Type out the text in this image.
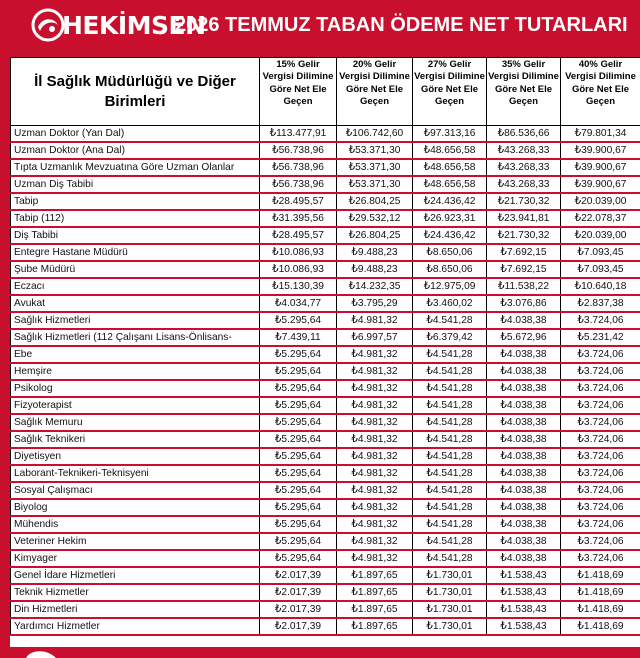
HEKİMSEN
2026 TEMMUZ TABAN ÖDEME NET TUTARLARI
İl Sağlık Müdürlüğü ve Diğer Birimleri	15% Gelir Vergisi Dilimine Göre Net Ele Geçen	20% Gelir Vergisi Dilimine Göre Net Ele Geçen	27% Gelir Vergisi Dilimine Göre Net Ele Geçen	35% Gelir Vergisi Dilimine Göre Net Ele Geçen	40% Gelir Vergisi Dilimine Göre Net Ele Geçen
Uzman Doktor (Yan Dal)	₺113.477,91	₺106.742,60	₺97.313,16	₺86.536,66	₺79.801,34
Uzman Doktor (Ana Dal)	₺56.738,96	₺53.371,30	₺48.656,58	₺43.268,33	₺39.900,67
Tıpta Uzmanlık Mevzuatına Göre Uzman Olanlar	₺56.738,96	₺53.371,30	₺48.656,58	₺43.268,33	₺39.900,67
Uzman Diş Tabibi	₺56.738,96	₺53.371,30	₺48.656,58	₺43.268,33	₺39.900,67
Tabip	₺28.495,57	₺26.804,25	₺24.436,42	₺21.730,32	₺20.039,00
Tabip (112)	₺31.395,56	₺29.532,12	₺26.923,31	₺23.941,81	₺22.078,37
Diş Tabibi	₺28.495,57	₺26.804,25	₺24.436,42	₺21.730,32	₺20.039,00
Entegre Hastane Müdürü	₺10.086,93	₺9.488,23	₺8.650,06	₺7.692,15	₺7.093,45
Şube Müdürü	₺10.086,93	₺9.488,23	₺8.650,06	₺7.692,15	₺7.093,45
Eczacı	₺15.130,39	₺14.232,35	₺12.975,09	₺11.538,22	₺10.640,18
Avukat	₺4.034,77	₺3.795,29	₺3.460,02	₺3.076,86	₺2.837,38
Sağlık Hizmetleri	₺5.295,64	₺4.981,32	₺4.541,28	₺4.038,38	₺3.724,06
Sağlık Hizmetleri (112 Çalışanı Lisans-Önlisans-	₺7.439,11	₺6.997,57	₺6.379,42	₺5.672,96	₺5.231,42
Ebe	₺5.295,64	₺4.981,32	₺4.541,28	₺4.038,38	₺3.724,06
Hemşire	₺5.295,64	₺4.981,32	₺4.541,28	₺4.038,38	₺3.724,06
Psikolog	₺5.295,64	₺4.981,32	₺4.541,28	₺4.038,38	₺3.724,06
Fizyoterapist	₺5.295,64	₺4.981,32	₺4.541,28	₺4.038,38	₺3.724,06
Sağlık Memuru	₺5.295,64	₺4.981,32	₺4.541,28	₺4.038,38	₺3.724,06
Sağlık Teknikeri	₺5.295,64	₺4.981,32	₺4.541,28	₺4.038,38	₺3.724,06
Diyetisyen	₺5.295,64	₺4.981,32	₺4.541,28	₺4.038,38	₺3.724,06
Laborant-Teknikeri-Teknisyeni	₺5.295,64	₺4.981,32	₺4.541,28	₺4.038,38	₺3.724,06
Sosyal Çalışmacı	₺5.295,64	₺4.981,32	₺4.541,28	₺4.038,38	₺3.724,06
Biyolog	₺5.295,64	₺4.981,32	₺4.541,28	₺4.038,38	₺3.724,06
Mühendis	₺5.295,64	₺4.981,32	₺4.541,28	₺4.038,38	₺3.724,06
Veteriner Hekim	₺5.295,64	₺4.981,32	₺4.541,28	₺4.038,38	₺3.724,06
Kimyager	₺5.295,64	₺4.981,32	₺4.541,28	₺4.038,38	₺3.724,06
Genel İdare Hizmetleri	₺2.017,39	₺1.897,65	₺1.730,01	₺1.538,43	₺1.418,69
Teknik Hizmetler	₺2.017,39	₺1.897,65	₺1.730,01	₺1.538,43	₺1.418,69
Din Hizmetleri	₺2.017,39	₺1.897,65	₺1.730,01	₺1.538,43	₺1.418,69
Yardımcı Hizmetler	₺2.017,39	₺1.897,65	₺1.730,01	₺1.538,43	₺1.418,69
